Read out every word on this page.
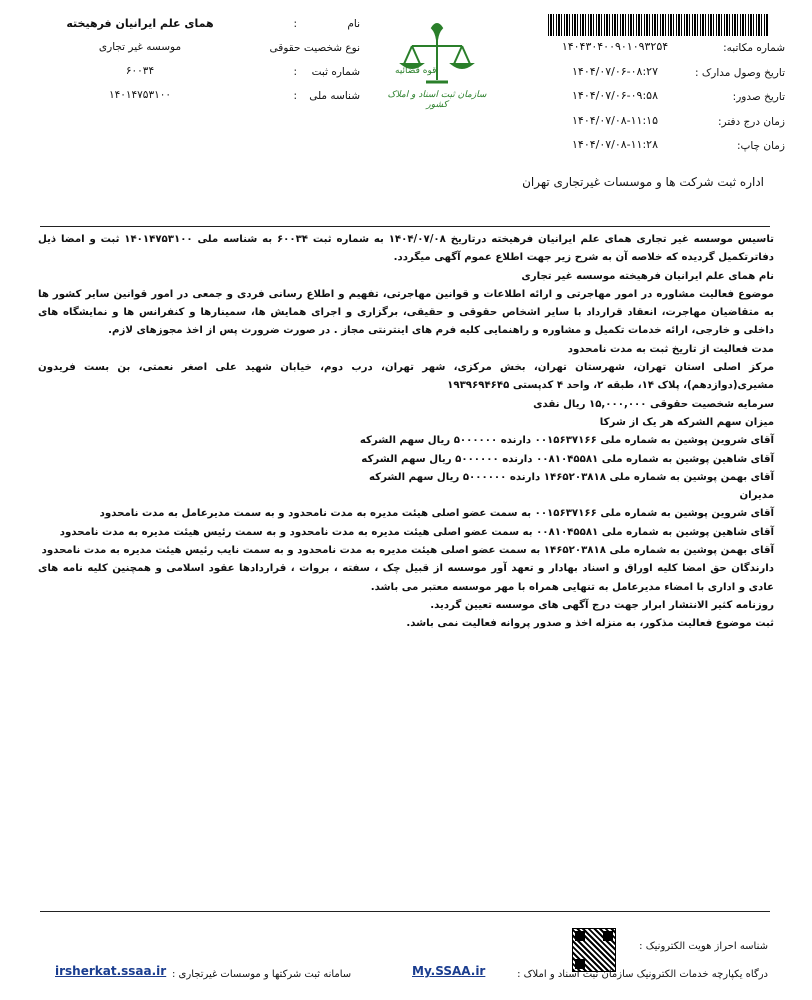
شماره مکاتبه:
۱۴۰۴۳۰۴۰۰۹۰۱۰۹۳۲۵۴
تاریخ وصول مدارک :
۱۴۰۴/۰۷/۰۶-۰۸:۲۷
تاریخ صدور:
۱۴۰۴/۰۷/۰۶-۰۹:۵۸
زمان درج دفتر:
۱۴۰۴/۰۷/۰۸-۱۱:۱۵
زمان چاپ:
۱۴۰۴/۰۷/۰۸-۱۱:۲۸
قوه قضائیه
سازمان ثبت اسناد و املاک کشور
نام
:
همای علم ایرانیان فرهیخته
نوع شخصیت حقوقی
موسسه غیر تجاری
شماره ثبت
:
۶۰۰۳۴
شناسه ملی
:
۱۴۰۱۴۷۵۳۱۰۰
اداره ثبت شرکت ها و موسسات غیرتجاری تهران

تاسیس موسسه غیر تجاری همای علم ایرانیان فرهیخته درتاریخ ۱۴۰۴/۰۷/۰۸ به شماره ثبت ۶۰۰۳۴ به شناسه ملی ۱۴۰۱۴۷۵۳۱۰۰ ثبت و امضا ذیل دفاترتکمیل گردیده که خلاصه آن به شرح زیر جهت اطلاع عموم آگهی میگردد.

نام همای علم ایرانیان فرهیخته موسسه غیر تجاری

موضوع فعالیت مشاوره در امور مهاجرتی و ارائه اطلاعات و قوانین مهاجرتی، تفهیم و اطلاع رسانی فردی و جمعی در امور قوانین سایر کشور ها به متقاضیان مهاجرت، انعقاد قرارداد با سایر اشخاص حقوقی و حقیقی، برگزاری و اجرای همایش ها، سمینارها و کنفرانس ها و نمایشگاه های داخلی و خارجی، ارائه خدمات تکمیل و مشاوره و راهنمایی کلیه فرم های اینترنتی مجاز . در صورت ضرورت پس از اخذ مجوزهای لازم.

مدت فعالیت از تاریخ ثبت به مدت نامحدود

مرکز اصلی استان تهران، شهرستان تهران، بخش مرکزی، شهر تهران، درب دوم، خیابان شهید علی اصغر نعمتی، بن بست فریدون مشیری(دوازدهم)، پلاک ۱۴، طبقه ۲، واحد ۴ کدپستی ۱۹۳۹۶۹۴۶۴۵

سرمایه شخصیت حقوقی ۱۵,۰۰۰,۰۰۰ ریال نقدی

میزان سهم الشرکه هر یک از شرکا

آقای شروین پوشین به شماره ملی ۰۰۱۵۶۳۷۱۶۶ دارنده ۵۰۰۰۰۰۰ ریال سهم الشرکه

آقای شاهین پوشین به شماره ملی ۰۰۸۱۰۴۵۵۸۱ دارنده ۵۰۰۰۰۰۰ ریال سهم الشرکه

آقای بهمن پوشین به شماره ملی ۱۴۶۵۲۰۳۸۱۸ دارنده ۵۰۰۰۰۰۰ ریال سهم الشرکه

مدیران

آقای شروین پوشین به شماره ملی ۰۰۱۵۶۳۷۱۶۶ به سمت عضو اصلی هیئت مدیره به مدت نامحدود و به سمت مدیرعامل به مدت نامحدود

آقای شاهین پوشین به شماره ملی ۰۰۸۱۰۴۵۵۸۱ به سمت عضو اصلی هیئت مدیره به مدت نامحدود و به سمت رئیس هیئت مدیره به مدت نامحدود

آقای بهمن پوشین به شماره ملی ۱۴۶۵۲۰۳۸۱۸ به سمت عضو اصلی هیئت مدیره به مدت نامحدود و به سمت نایب رئیس هیئت مدیره به مدت نامحدود

دارندگان حق امضا کلیه اوراق و اسناد بهادار و تعهد آور موسسه از قبیل چک ، سفته ، بروات ، قراردادها عقود اسلامی و همچنین کلیه نامه های عادی و اداری با امضاء مدیرعامل به تنهایی همراه با مهر موسسه معتبر می باشد.

روزنامه کثیر الانتشار ابرار جهت درج آگهی های موسسه تعیین گردید.

ثبت موضوع فعالیت مذکور، به منزله اخذ و صدور پروانه فعالیت نمی باشد.

شناسه احراز هویت الکترونیک :
درگاه یکپارچه خدمات الکترونیک سازمان ثبت اسناد و املاک :
My.SSAA.ir
سامانه ثبت شرکتها و موسسات غیرتجاری :
irsherkat.ssaa.ir
